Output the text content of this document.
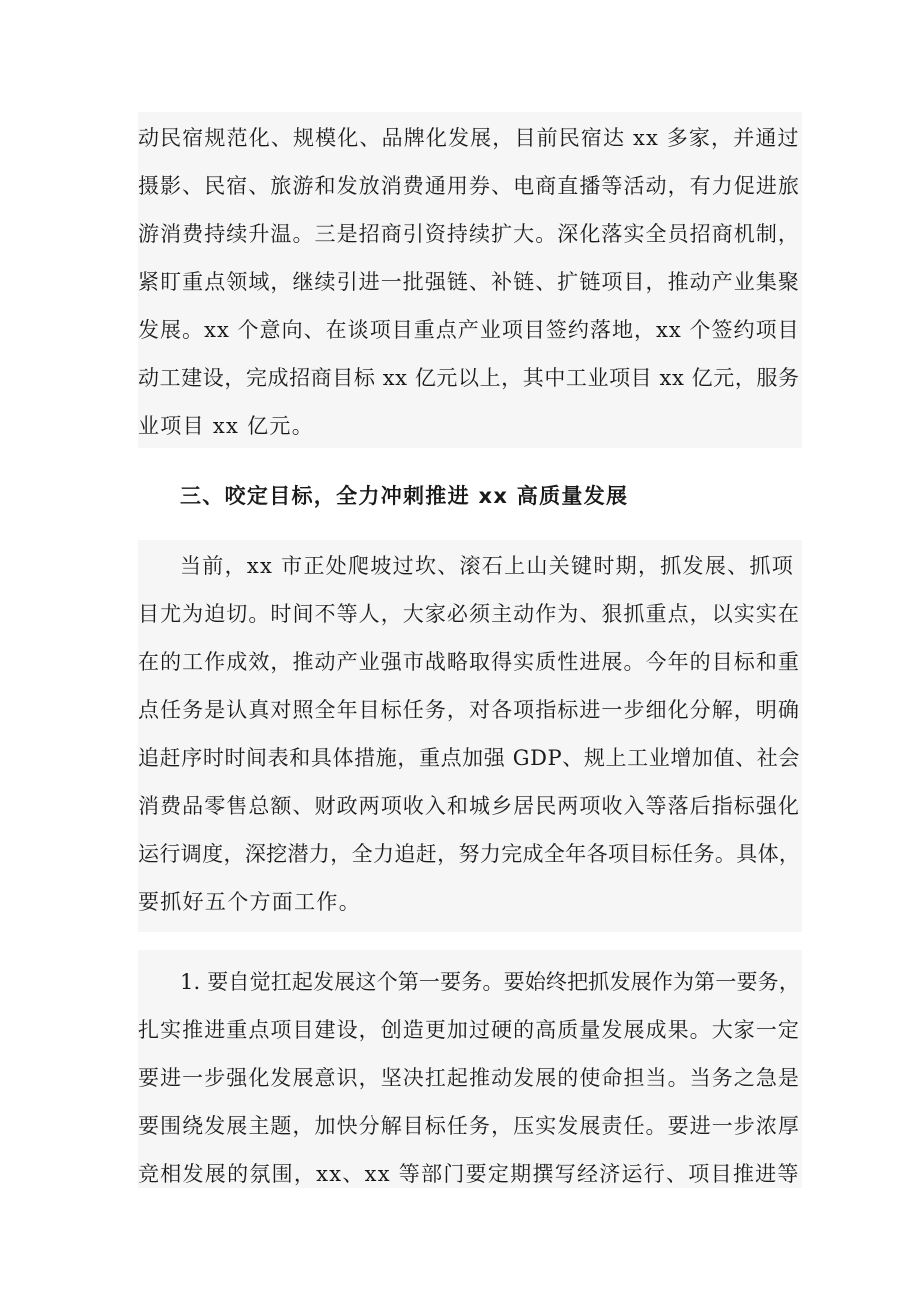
动民宿规范化、规模化、品牌化发展，目前民宿达 xx 多家，并通过
摄影、民宿、旅游和发放消费通用券、电商直播等活动，有力促进旅
游消费持续升温。三是招商引资持续扩大。深化落实全员招商机制，
紧盯重点领域，继续引进一批强链、补链、扩链项目，推动产业集聚
发展。xx 个意向、在谈项目重点产业项目签约落地，xx 个签约项目
动工建设，完成招商目标 xx 亿元以上，其中工业项目 xx 亿元，服务
业项目 xx 亿元。
三、咬定目标，全力冲刺推进 xx 高质量发展
当前，xx 市正处爬坡过坎、滚石上山关键时期，抓发展、抓项
目尤为迫切。时间不等人，大家必须主动作为、狠抓重点，以实实在
在的工作成效，推动产业强市战略取得实质性进展。今年的目标和重
点任务是认真对照全年目标任务，对各项指标进一步细化分解，明确
追赶序时时间表和具体措施，重点加强 GDP、规上工业增加值、社会
消费品零售总额、财政两项收入和城乡居民两项收入等落后指标强化
运行调度，深挖潜力，全力追赶，努力完成全年各项目标任务。具体，
要抓好五个方面工作。
1. 要自觉扛起发展这个第一要务。要始终把抓发展作为第一要务，
扎实推进重点项目建设，创造更加过硬的高质量发展成果。大家一定
要进一步强化发展意识，坚决扛起推动发展的使命担当。当务之急是
要围绕发展主题，加快分解目标任务，压实发展责任。要进一步浓厚
竞相发展的氛围，xx、xx 等部门要定期撰写经济运行、项目推进等
